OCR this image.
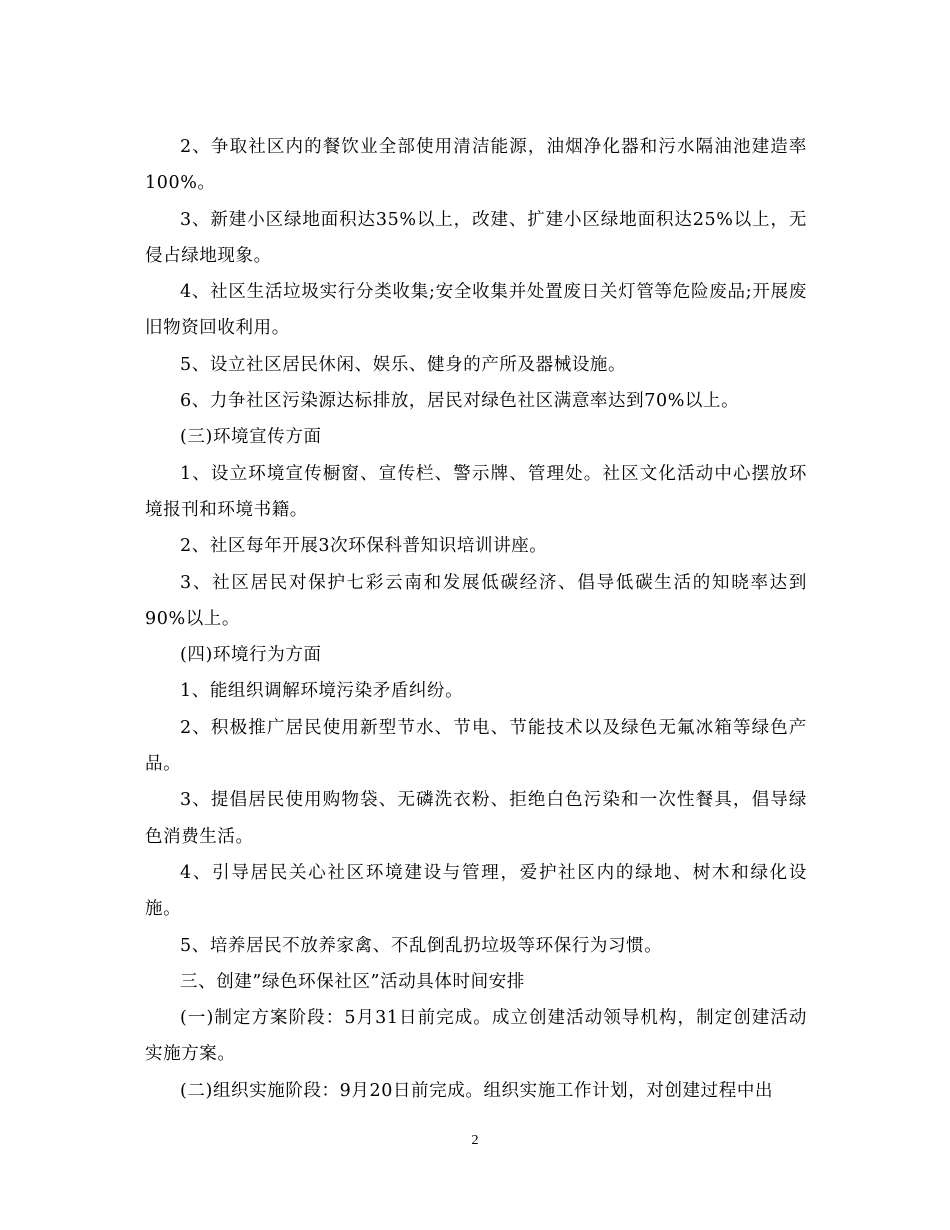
2、争取社区内的餐饮业全部使用清洁能源，油烟净化器和污水隔油池建造率100%。

3、新建小区绿地面积达35%以上，改建、扩建小区绿地面积达25%以上，无侵占绿地现象。

4、社区生活垃圾实行分类收集;安全收集并处置废日关灯管等危险废品;开展废旧物资回收利用。

5、设立社区居民休闲、娱乐、健身的产所及器械设施。

6、力争社区污染源达标排放，居民对绿色社区满意率达到70%以上。

(三)环境宣传方面

1、设立环境宣传橱窗、宣传栏、警示牌、管理处。社区文化活动中心摆放环境报刊和环境书籍。

2、社区每年开展3次环保科普知识培训讲座。

3、社区居民对保护七彩云南和发展低碳经济、倡导低碳生活的知晓率达到90%以上。

(四)环境行为方面

1、能组织调解环境污染矛盾纠纷。

2、积极推广居民使用新型节水、节电、节能技术以及绿色无氟冰箱等绿色产品。

3、提倡居民使用购物袋、无磷洗衣粉、拒绝白色污染和一次性餐具，倡导绿色消费生活。

4、引导居民关心社区环境建设与管理，爱护社区内的绿地、树木和绿化设施。

5、培养居民不放养家禽、不乱倒乱扔垃圾等环保行为习惯。

三、创建”绿色环保社区”活动具体时间安排

(一)制定方案阶段：5月31日前完成。成立创建活动领导机构，制定创建活动实施方案。

(二)组织实施阶段：9月20日前完成。组织实施工作计划，对创建过程中出

2
